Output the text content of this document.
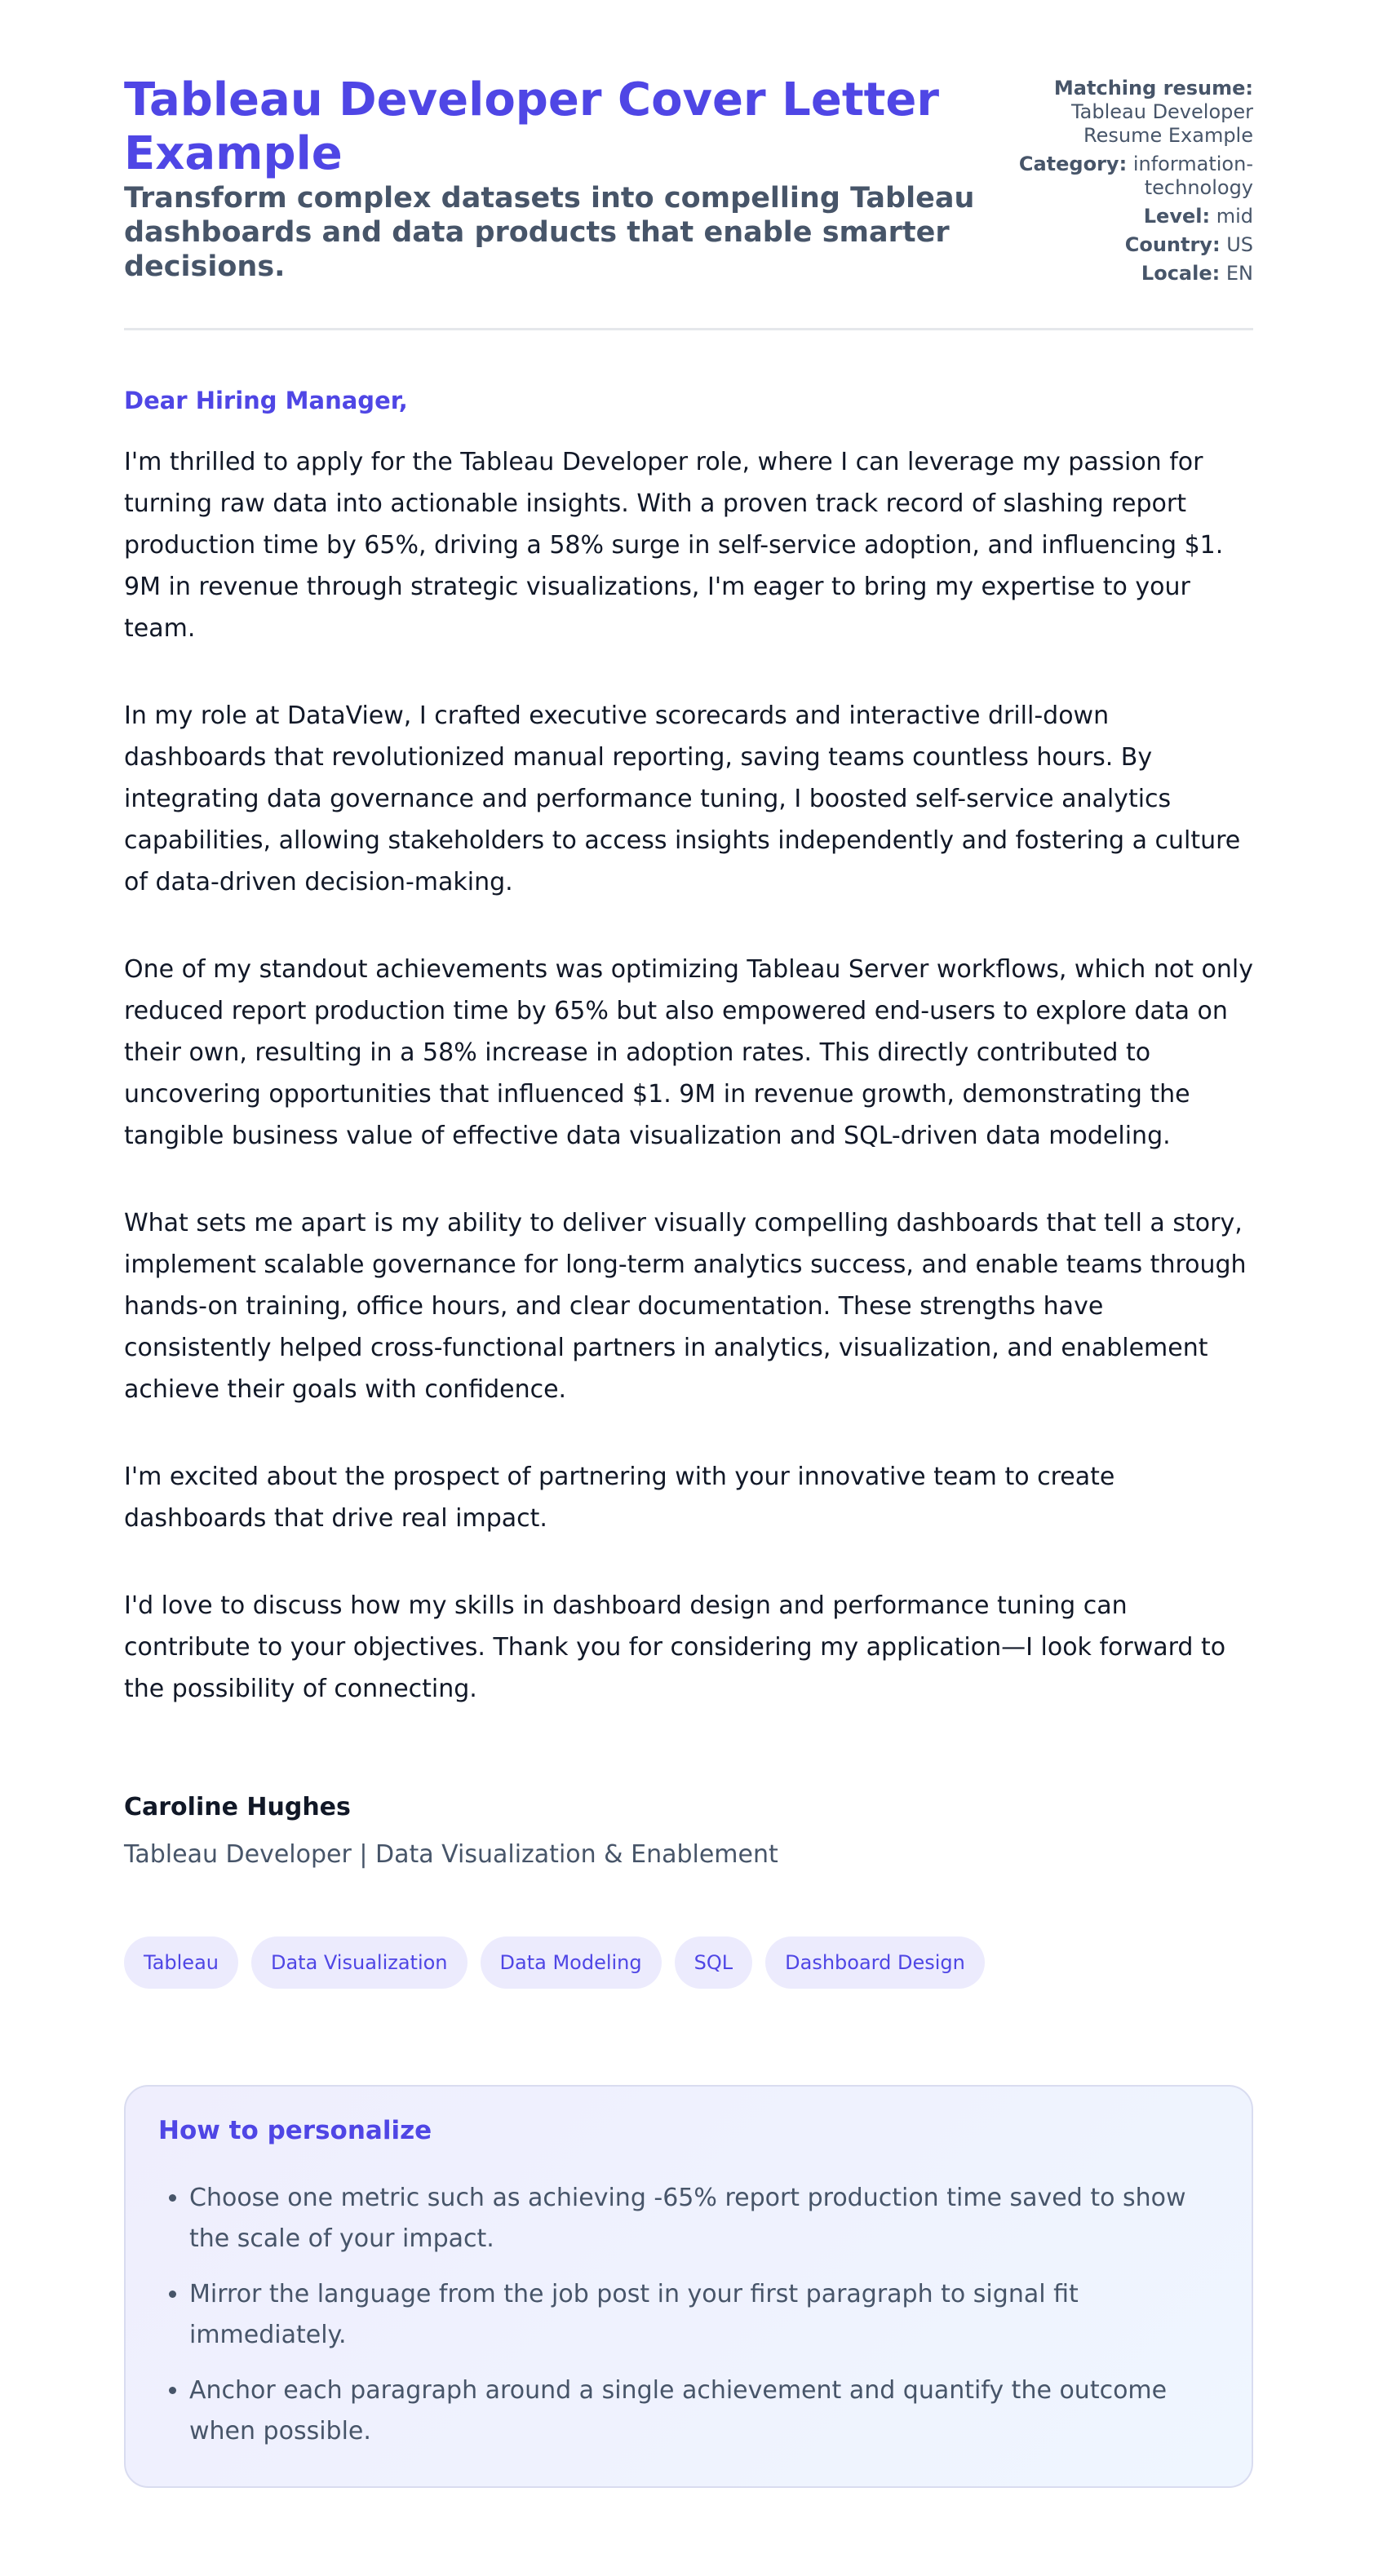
Tableau Developer Cover Letter Example
Transform complex datasets into compelling Tableau dashboards and data products that enable smarter decisions.
Matching resume:
Tableau Developer Resume Example
Category: information-technology
Level: mid
Country: US
Locale: EN

Dear Hiring Manager,

I'm thrilled to apply for the Tableau Developer role, where I can leverage my passion for turning raw data into actionable insights. With a proven track record of slashing report production time by 65%, driving a 58% surge in self-service adoption, and influencing $1. 9M in revenue through strategic visualizations, I'm eager to bring my expertise to your team.

In my role at DataView, I crafted executive scorecards and interactive drill-down dashboards that revolutionized manual reporting, saving teams countless hours. By integrating data governance and performance tuning, I boosted self-service analytics capabilities, allowing stakeholders to access insights independently and fostering a culture of data-driven decision-making.

One of my standout achievements was optimizing Tableau Server workflows, which not only reduced report production time by 65% but also empowered end-users to explore data on their own, resulting in a 58% increase in adoption rates. This directly contributed to uncovering opportunities that influenced $1. 9M in revenue growth, demonstrating the tangible business value of effective data visualization and SQL-driven data modeling.

What sets me apart is my ability to deliver visually compelling dashboards that tell a story, implement scalable governance for long-term analytics success, and enable teams through hands-on training, office hours, and clear documentation. These strengths have consistently helped cross-functional partners in analytics, visualization, and enablement achieve their goals with confidence.

I'm excited about the prospect of partnering with your innovative team to create dashboards that drive real impact.

I'd love to discuss how my skills in dashboard design and performance tuning can contribute to your objectives. Thank you for considering my application—I look forward to the possibility of connecting.

Caroline Hughes

Tableau Developer | Data Visualization & Enablement

Tableau	Data Visualization	Data Modeling	SQL	Dashboard Design
How to personalize
• Choose one metric such as achieving -65% report production time saved to show the scale of your impact.
• Mirror the language from the job post in your first paragraph to signal fit immediately.
• Anchor each paragraph around a single achievement and quantify the outcome when possible.
